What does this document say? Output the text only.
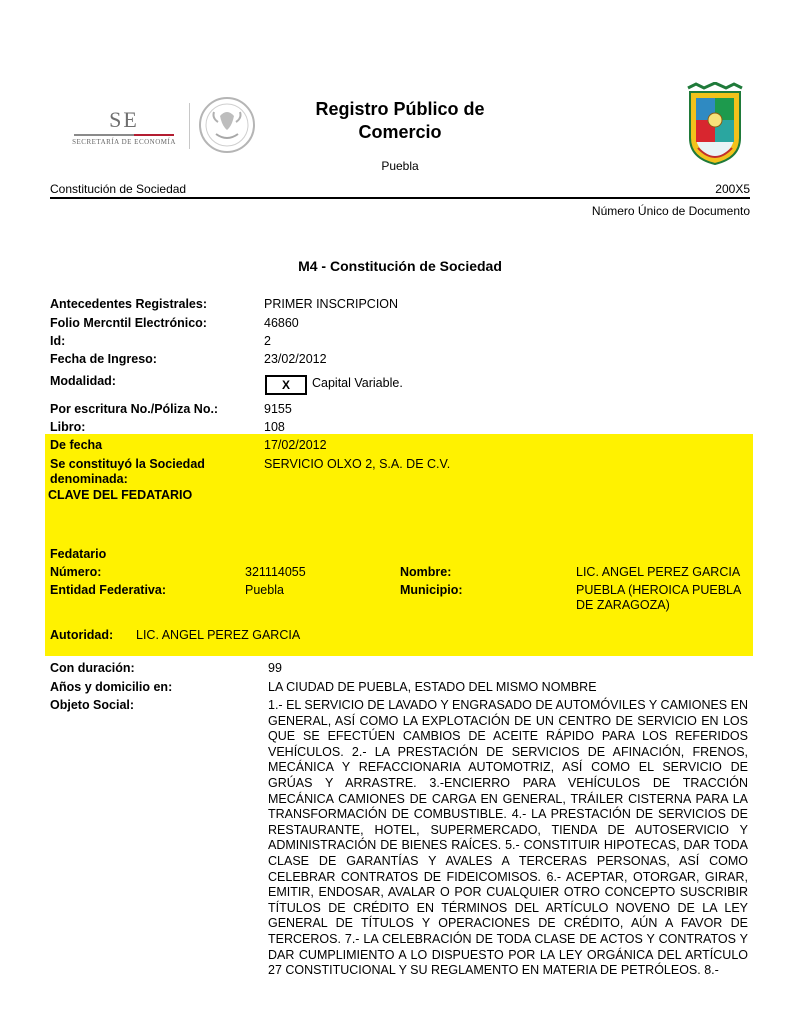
SE
SECRETARÍA DE ECONOMÍA
Registro Público de
Comercio
Puebla
Constitución de Sociedad	200X5
Número Único de Documento
M4 - Constitución de Sociedad
Antecedentes Registrales:	PRIMER INSCRIPCION
Folio Mercntil Electrónico:	46860
Id:	2
Fecha de Ingreso:	23/02/2012
Modalidad:	X	Capital Variable.
Por escritura No./Póliza No.:	9155
Libro:	108
De fecha	17/02/2012
Se constituyó la Sociedad
denominada:
SERVICIO OLXO 2, S.A. DE C.V.
CLAVE DEL FEDATARIO
Fedatario
Número:	321114055	Nombre:	LIC. ANGEL PEREZ GARCIA
Entidad Federativa:	Puebla	Municipio:	PUEBLA (HEROICA PUEBLA
DE ZARAGOZA)
Autoridad: LIC. ANGEL PEREZ GARCIA
Con duración:	99
Años y domicilio en:	LA CIUDAD DE PUEBLA, ESTADO DEL MISMO NOMBRE
Objeto Social:	1.- EL SERVICIO DE LAVADO Y ENGRASADO DE AUTOMÓVILES Y CAMIONES EN GENERAL, ASÍ COMO LA EXPLOTACIÓN DE UN CENTRO DE SERVICIO EN LOS QUE SE EFECTÚEN CAMBIOS DE ACEITE RÁPIDO PARA LOS REFERIDOS VEHÍCULOS. 2.- LA PRESTACIÓN DE SERVICIOS DE AFINACIÓN, FRENOS, MECÁNICA Y REFACCIONARIA AUTOMOTRIZ, ASÍ COMO EL SERVICIO DE GRÚAS Y ARRASTRE. 3.-ENCIERRO PARA VEHÍCULOS DE TRACCIÓN MECÁNICA CAMIONES DE CARGA EN GENERAL, TRÁILER CISTERNA PARA LA TRANSFORMACIÓN DE COMBUSTIBLE. 4.- LA PRESTACIÓN DE SERVICIOS DE RESTAURANTE, HOTEL, SUPERMERCADO, TIENDA DE AUTOSERVICIO Y ADMINISTRACIÓN DE BIENES RAÍCES. 5.- CONSTITUIR HIPOTECAS, DAR TODA CLASE DE GARANTÍAS Y AVALES A TERCERAS PERSONAS, ASÍ COMO CELEBRAR CONTRATOS DE FIDEICOMISOS. 6.- ACEPTAR, OTORGAR, GIRAR, EMITIR, ENDOSAR, AVALAR O POR CUALQUIER OTRO CONCEPTO SUSCRIBIR TÍTULOS DE CRÉDITO EN TÉRMINOS DEL ARTÍCULO NOVENO DE LA LEY GENERAL DE TÍTULOS Y OPERACIONES DE CRÉDITO, AÚN A FAVOR DE TERCEROS. 7.- LA CELEBRACIÓN DE TODA CLASE DE ACTOS Y CONTRATOS Y DAR CUMPLIMIENTO A LO DISPUESTO POR LA LEY ORGÁNICA DEL ARTÍCULO 27 CONSTITUCIONAL Y SU REGLAMENTO EN MATERIA DE PETRÓLEOS. 8.-
